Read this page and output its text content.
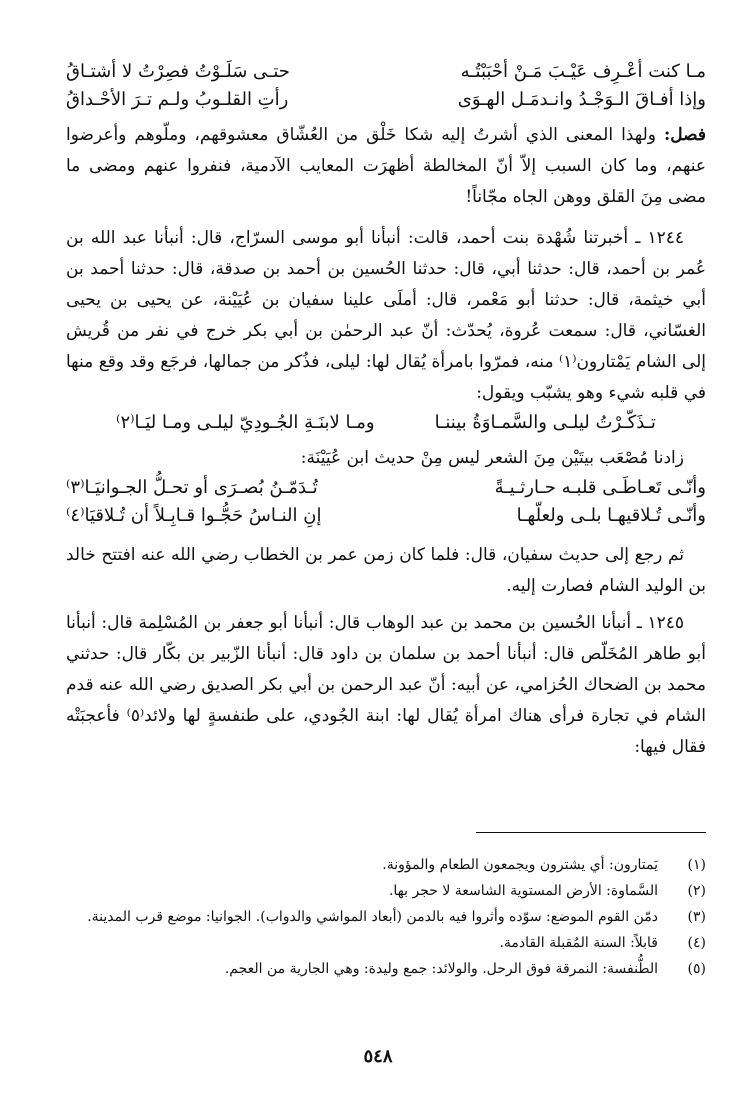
مـا كنت أعْـرِف عَيْـبَ مَـنْ أحْبَبْتُـه
حتـى سَلَـوْتُ فصِرْتُ لا أشتـاقُ
وإذا أفـاقَ الـوَجْـدُ وانـدمَـل الهـوَى
رأتِ القلـوبُ ولـم تـرَ الأحْـداقُ

فصل: ولهذا المعنى الذي أشرتُ إليه شكا خَلْق من العُشّاق معشوقهم، وملّوهم وأعرضوا عنهم، وما كان السبب إلاّ أنّ المخالطة أظهرَت المعايب الآدمية، فنفروا عنهم ومضى ما مضى مِنَ القلق ووهن الجاه مجّاناً!

١٢٤٤ ـ أخبرتنا شُهْدة بنت أحمد، قالت: أنبأنا أبو موسى السرّاج، قال: أنبأنا عبد الله بن عُمر بن أحمد، قال: حدثنا أبي، قال: حدثنا الحُسين بن أحمد بن صدقة، قال: حدثنا أحمد بن أبي خيثمة، قال: حدثنا أبو مَعْمر، قال: أملَى علينا سفيان بن عُيَيْنة، عن يحيى بن يحيى الغسّاني، قال: سمعت عُروة، يُحدّث: أنّ عبد الرحمٰن بن أبي بكر خرج في نفر من قُريش إلى الشام يَمْتارون⁽١⁾ منه، فمرّوا بامرأة يُقال لها: ليلى، فذُكر من جمالها، فرجَع وقد وقع منها في قلبه شيء وهو يشبّب ويقول:

تـذَكّـرْتُ ليلـى والسَّمـاوَةُ بيننـا
ومـا لابنَـةِ الجُـودِيّ ليلـى ومـا ليَـا⁽٢⁾

زادنا مُصْعَب بيتَيْن مِنَ الشعر ليس مِنْ حديث ابن عُيَيْنَة:

وأنّـى تَعـاطَـى قلبـه حـارثـيـةً
تُـدَمّـنُ بُصـرَى أو تحـلُّ الجـوانيَـا⁽٣⁾
وأنّـى تُـلاقيهـا بلـى ولعلّهـا
إنِ النـاسُ حَجُّـوا قـابِـلاً أن تُـلاقيَا⁽٤⁾

ثم رجع إلى حديث سفيان، قال: فلما كان زمن عمر بن الخطاب رضي الله عنه افتتح خالد بن الوليد الشام فصارت إليه.

١٢٤٥ ـ أنبأنا الحُسين بن محمد بن عبد الوهاب قال: أنبأنا أبو جعفر بن المُسْلِمة قال: أنبأنا أبو طاهر المُخَلّص قال: أنبأنا أحمد بن سلمان بن داود قال: أنبأنا الزّبير بن بكّار قال: حدثني محمد بن الضحاك الحُزامي، عن أبيه: أنّ عبد الرحمن بن أبي بكر الصديق رضي الله عنه قدم الشام في تجارة فرأى هناك امرأة يُقال لها: ابنة الجُودي، على طنفسةٍ لها ولائد⁽٥⁾ فأعجبَتْه فقال فيها:

(١)
يَمتارون: أي يشترون ويجمعون الطعام والمؤونة.
(٢)
السَّماوة: الأرض المستوية الشاسعة لا حجر بها.
(٣)
دمّن القوم الموضع: سوّده وأثروا فيه بالدمن (أبعاد المواشي والدواب). الجوانيا: موضع قرب المدينة.
(٤)
قابلاً: السنة المُقبلة القادمة.
(٥)
الطُّنفسة: النمرقة فوق الرحل. والولائد: جمع وليدة: وهي الجارية من العجم.
٥٤٨
